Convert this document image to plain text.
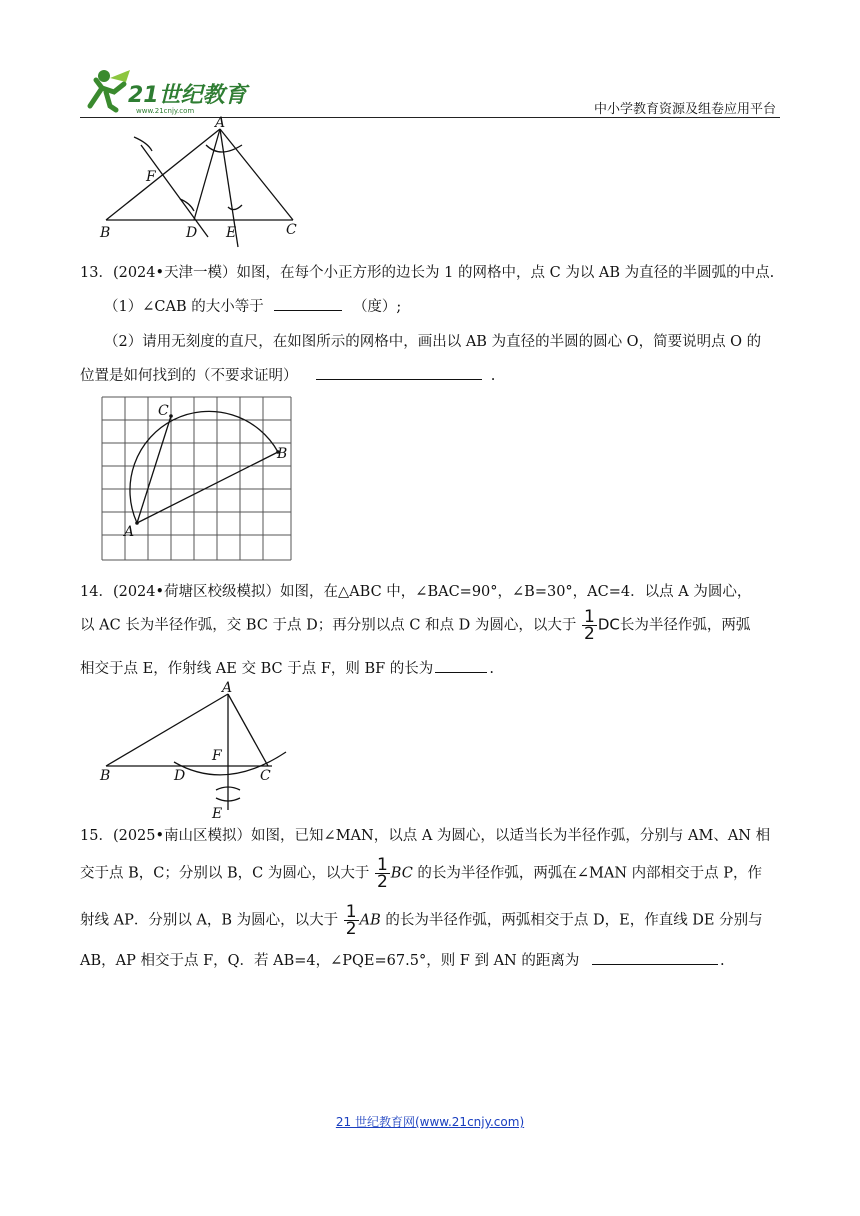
21世纪教育
www.21cnjy.com	中小学教育资源及组卷应用平台
A
F
B	D E	C
13．(2024•天津一模）如图，在每个小正方形的边长为 1 的网格中，点 C 为以 AB 为直径的半圆弧的中点.
（1）∠CAB 的大小等于	（度）;
（2）请用无刻度的直尺，在如图所示的网格中，画出以 AB 为直径的半圆的圆心 O，简要说明点 O 的
位置是如何找到的（不要求证明）	.
C
B
A
14．(2024•荷塘区校级模拟）如图，在△ABC 中，∠BAC=90°，∠B=30°，AC=4．以点 A 为圆心，
以 AC 长为半径作弧，交 BC 于点 D；再分别以点 C 和点 D 为圆心，以大于 $\frac{1}{2}$ DC长为半径作弧，两弧
相交于点 E，作射线 AE 交 BC 于点 F，则 BF 的长为	.
A
F
B	D	C
E
15．(2025•南山区模拟）如图，已知∠MAN，以点 A 为圆心，以适当长为半径作弧，分别与 AM、AN 相
交于点 B，C；分别以 B，C 为圆心，以大于 $\frac{1}{2}$ BC 的长为半径作弧，两弧在∠MAN 内部相交于点 P，作
射线 AP．分别以 A，B 为圆心，以大于 $\frac{1}{2}$ AB 的长为半径作弧，两弧相交于点 D，E，作直线 DE 分别与
AB，AP 相交于点 F，Q．若 AB=4，∠PQE=67.5°，则 F 到 AN 的距离为	.
21 世纪教育网(www.21cnjy.com)
